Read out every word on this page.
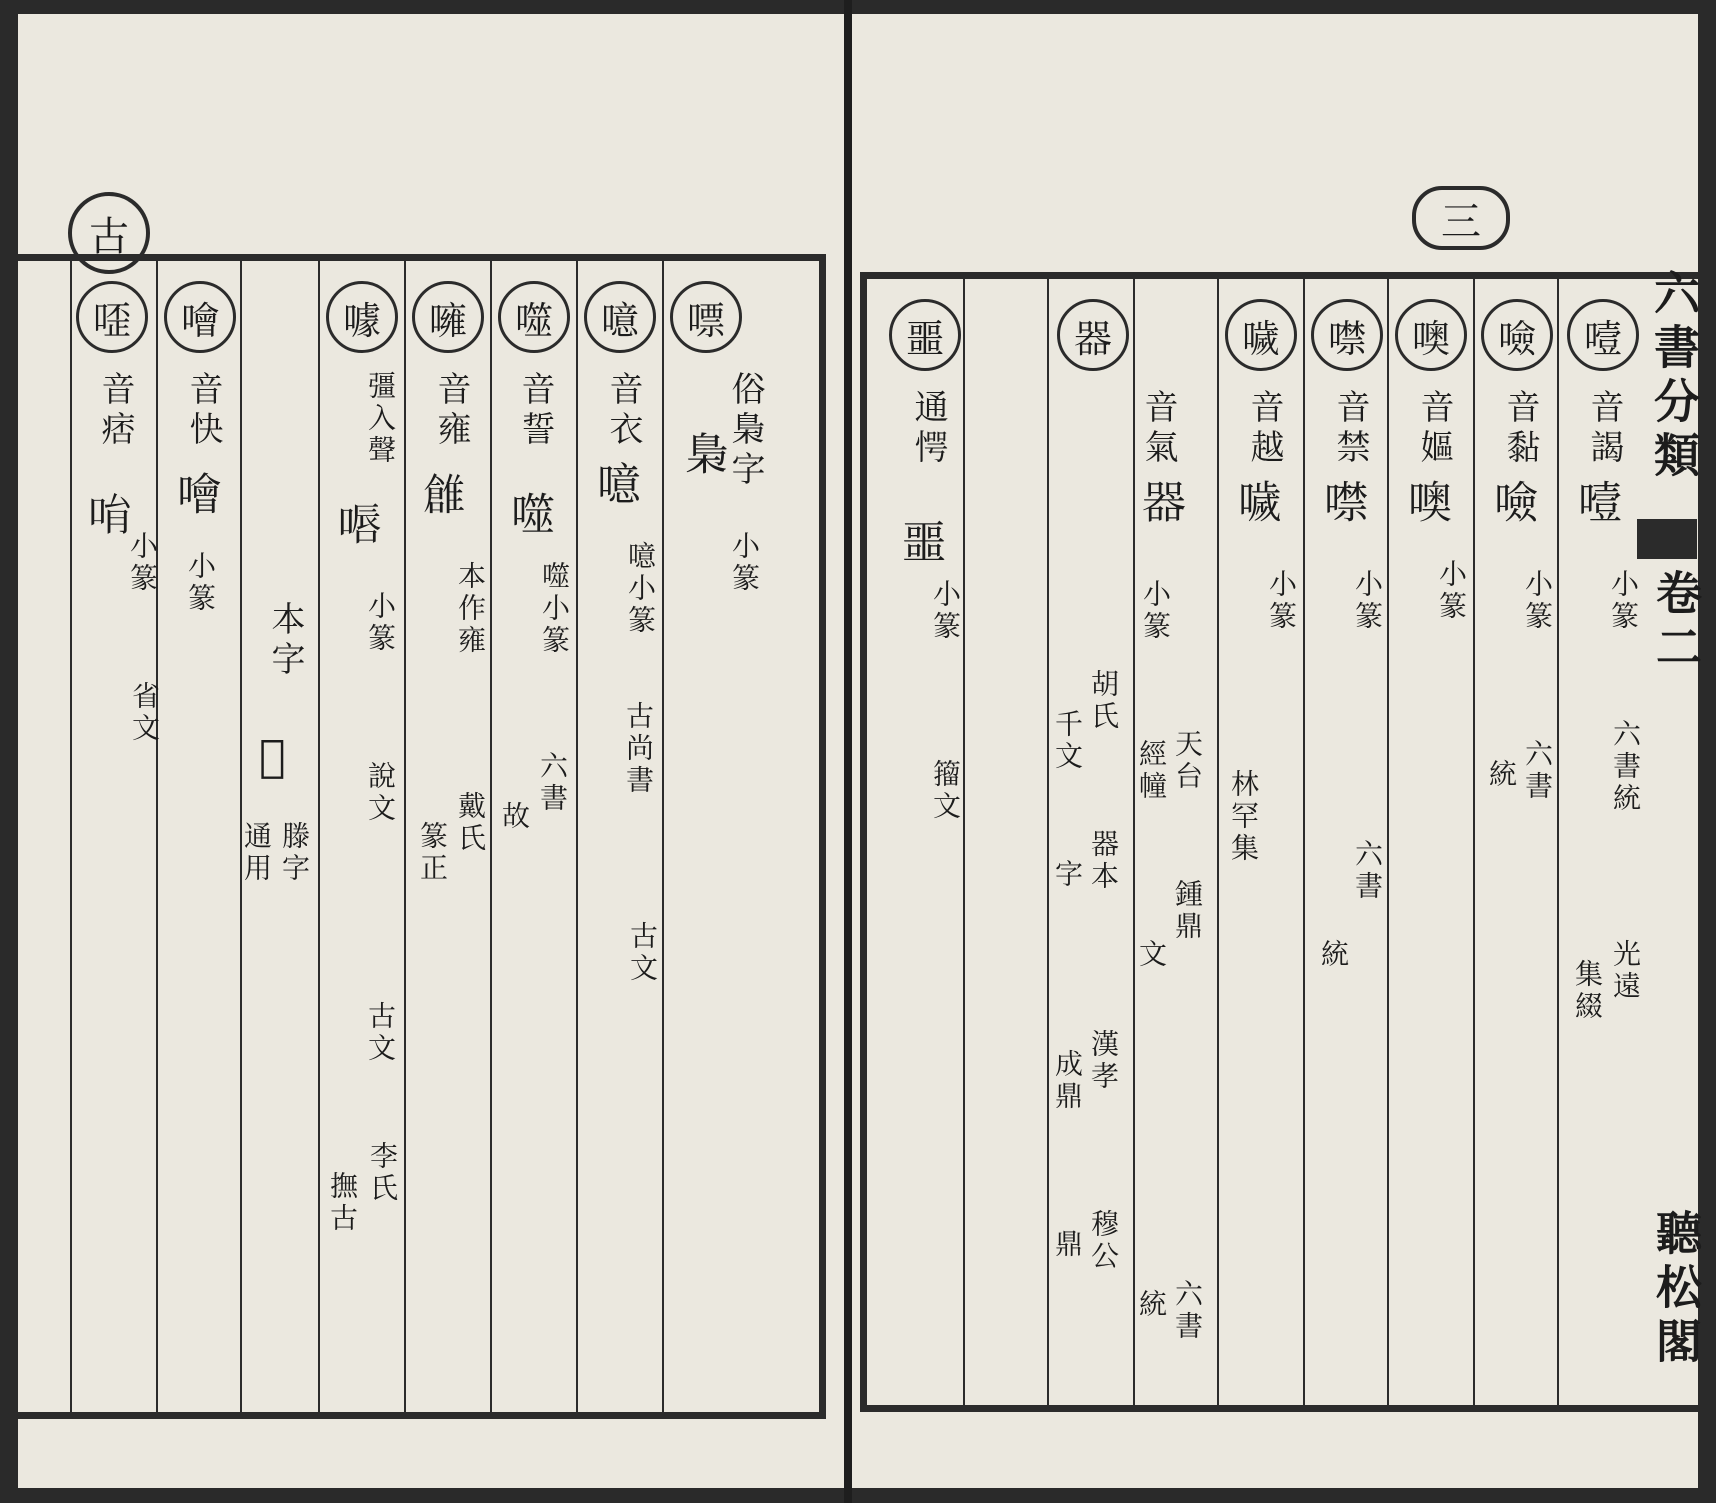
古
㗏
音痞
𠱝
小篆
省文
噲
音快
噲
小篆
本字
𠾗
滕字
通用
噱
彊入聲
𠸸
小篆
說文
古文
李氏
撫古
噰
音雍
𩀞
本作雍
戴氏
篆正
噬
音誓
噬
噬小篆
六書
故
噫
音衣
噫
噫小篆
古尚書
古文
嘌
俗梟字
小篆
梟
三
六書分類
卷二
聽松閣
噎
音謁
噎
小篆
六書統
光遠
集綴
噞
音黏
噞
小篆
六書
統
噢
音嫗
噢
小篆
噤
音禁
噤
小篆
六書
統
噦
音越
噦
小篆
林罕集
器
音氣
器
小篆
天台
經幢
鍾鼎
文
六書
統
胡氏
千文
器本
字
漢孝
成鼎
穆公
鼎
噩
通愕
噩
小篆
籀文
